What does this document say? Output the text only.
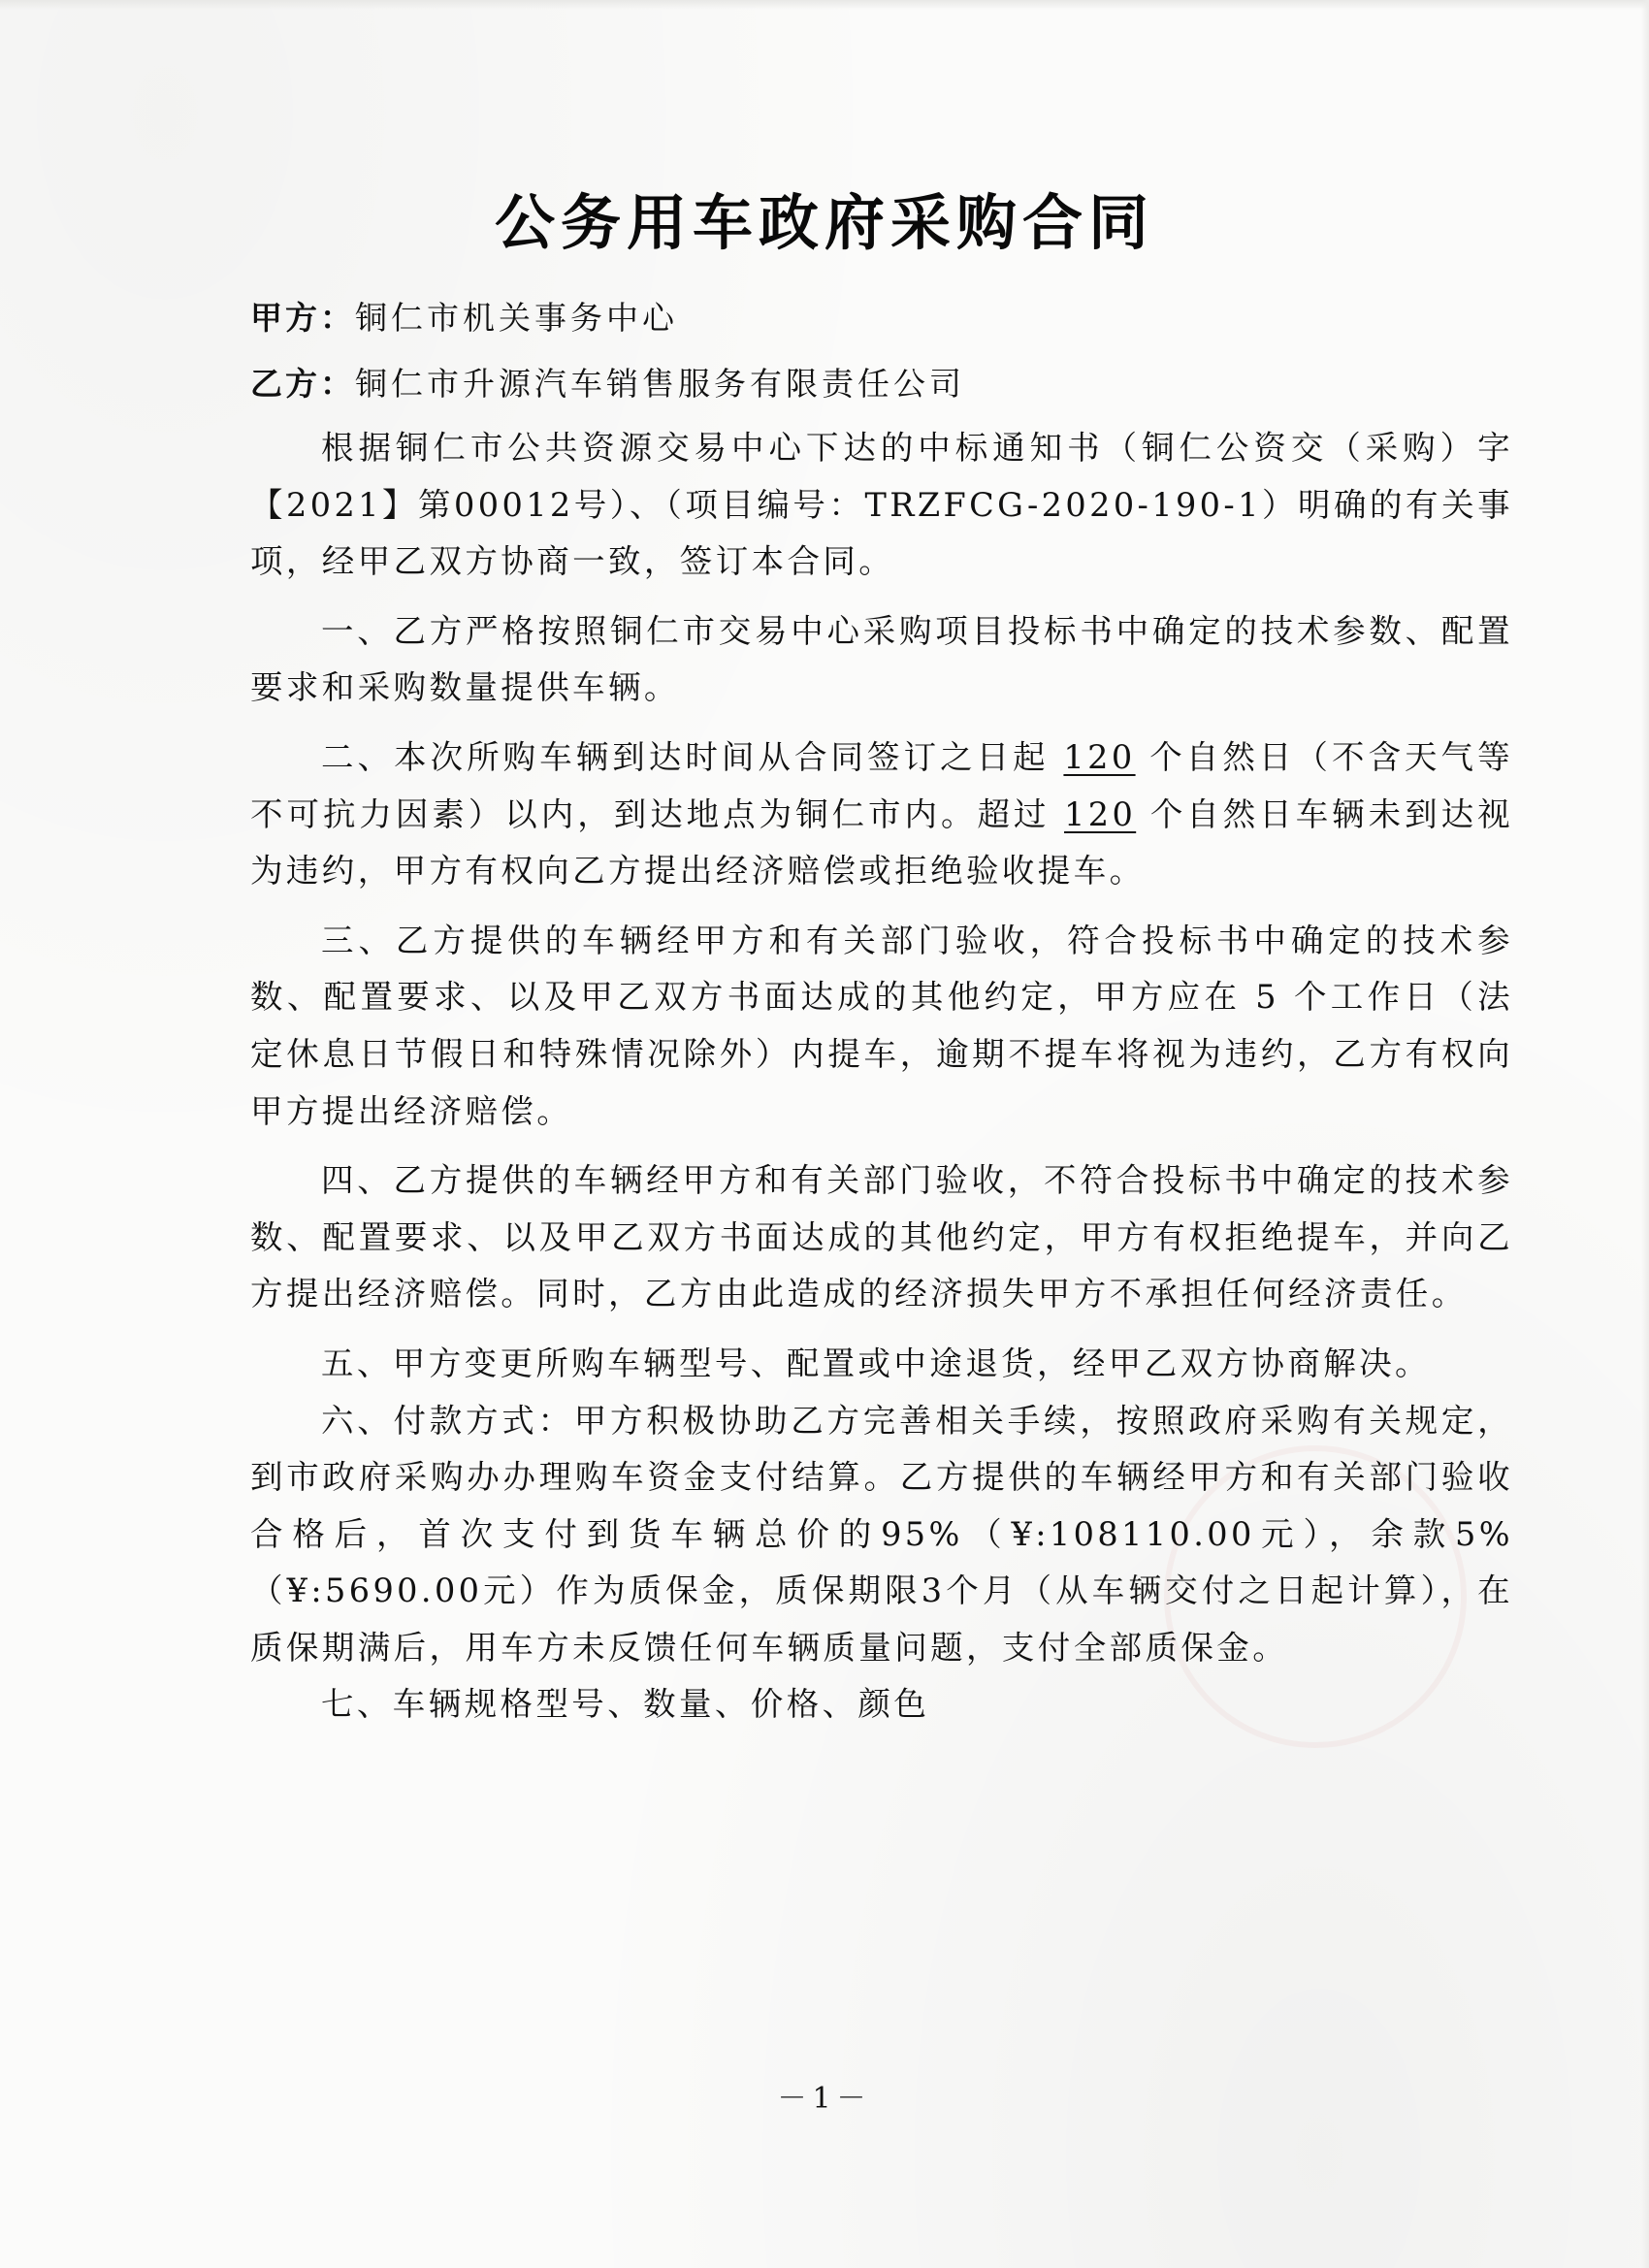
公务用车政府采购合同
甲方：铜仁市机关事务中心
乙方：铜仁市升源汽车销售服务有限责任公司

根据铜仁市公共资源交易中心下达的中标通知书（铜仁公资交（采购）字【2021】第00012号）、（项目编号：TRZFCG-2020-190-1）明确的有关事项，经甲乙双方协商一致，签订本合同。

一、乙方严格按照铜仁市交易中心采购项目投标书中确定的技术参数、配置要求和采购数量提供车辆。

二、本次所购车辆到达时间从合同签订之日起 120 个自然日（不含天气等不可抗力因素）以内，到达地点为铜仁市内。超过 120 个自然日车辆未到达视为违约，甲方有权向乙方提出经济赔偿或拒绝验收提车。

三、乙方提供的车辆经甲方和有关部门验收，符合投标书中确定的技术参数、配置要求、以及甲乙双方书面达成的其他约定，甲方应在 5 个工作日（法定休息日节假日和特殊情况除外）内提车，逾期不提车将视为违约，乙方有权向甲方提出经济赔偿。

四、乙方提供的车辆经甲方和有关部门验收，不符合投标书中确定的技术参数、配置要求、以及甲乙双方书面达成的其他约定，甲方有权拒绝提车，并向乙方提出经济赔偿。同时，乙方由此造成的经济损失甲方不承担任何经济责任。

五、甲方变更所购车辆型号、配置或中途退货，经甲乙双方协商解决。

六、付款方式：甲方积极协助乙方完善相关手续，按照政府采购有关规定，到市政府采购办办理购车资金支付结算。乙方提供的车辆经甲方和有关部门验收合格后，首次支付到货车辆总价的95%（¥:108110.00元），余款5%（¥:5690.00元）作为质保金，质保期限3个月（从车辆交付之日起计算），在质保期满后，用车方未反馈任何车辆质量问题，支付全部质保金。

七、车辆规格型号、数量、价格、颜色

－1－
